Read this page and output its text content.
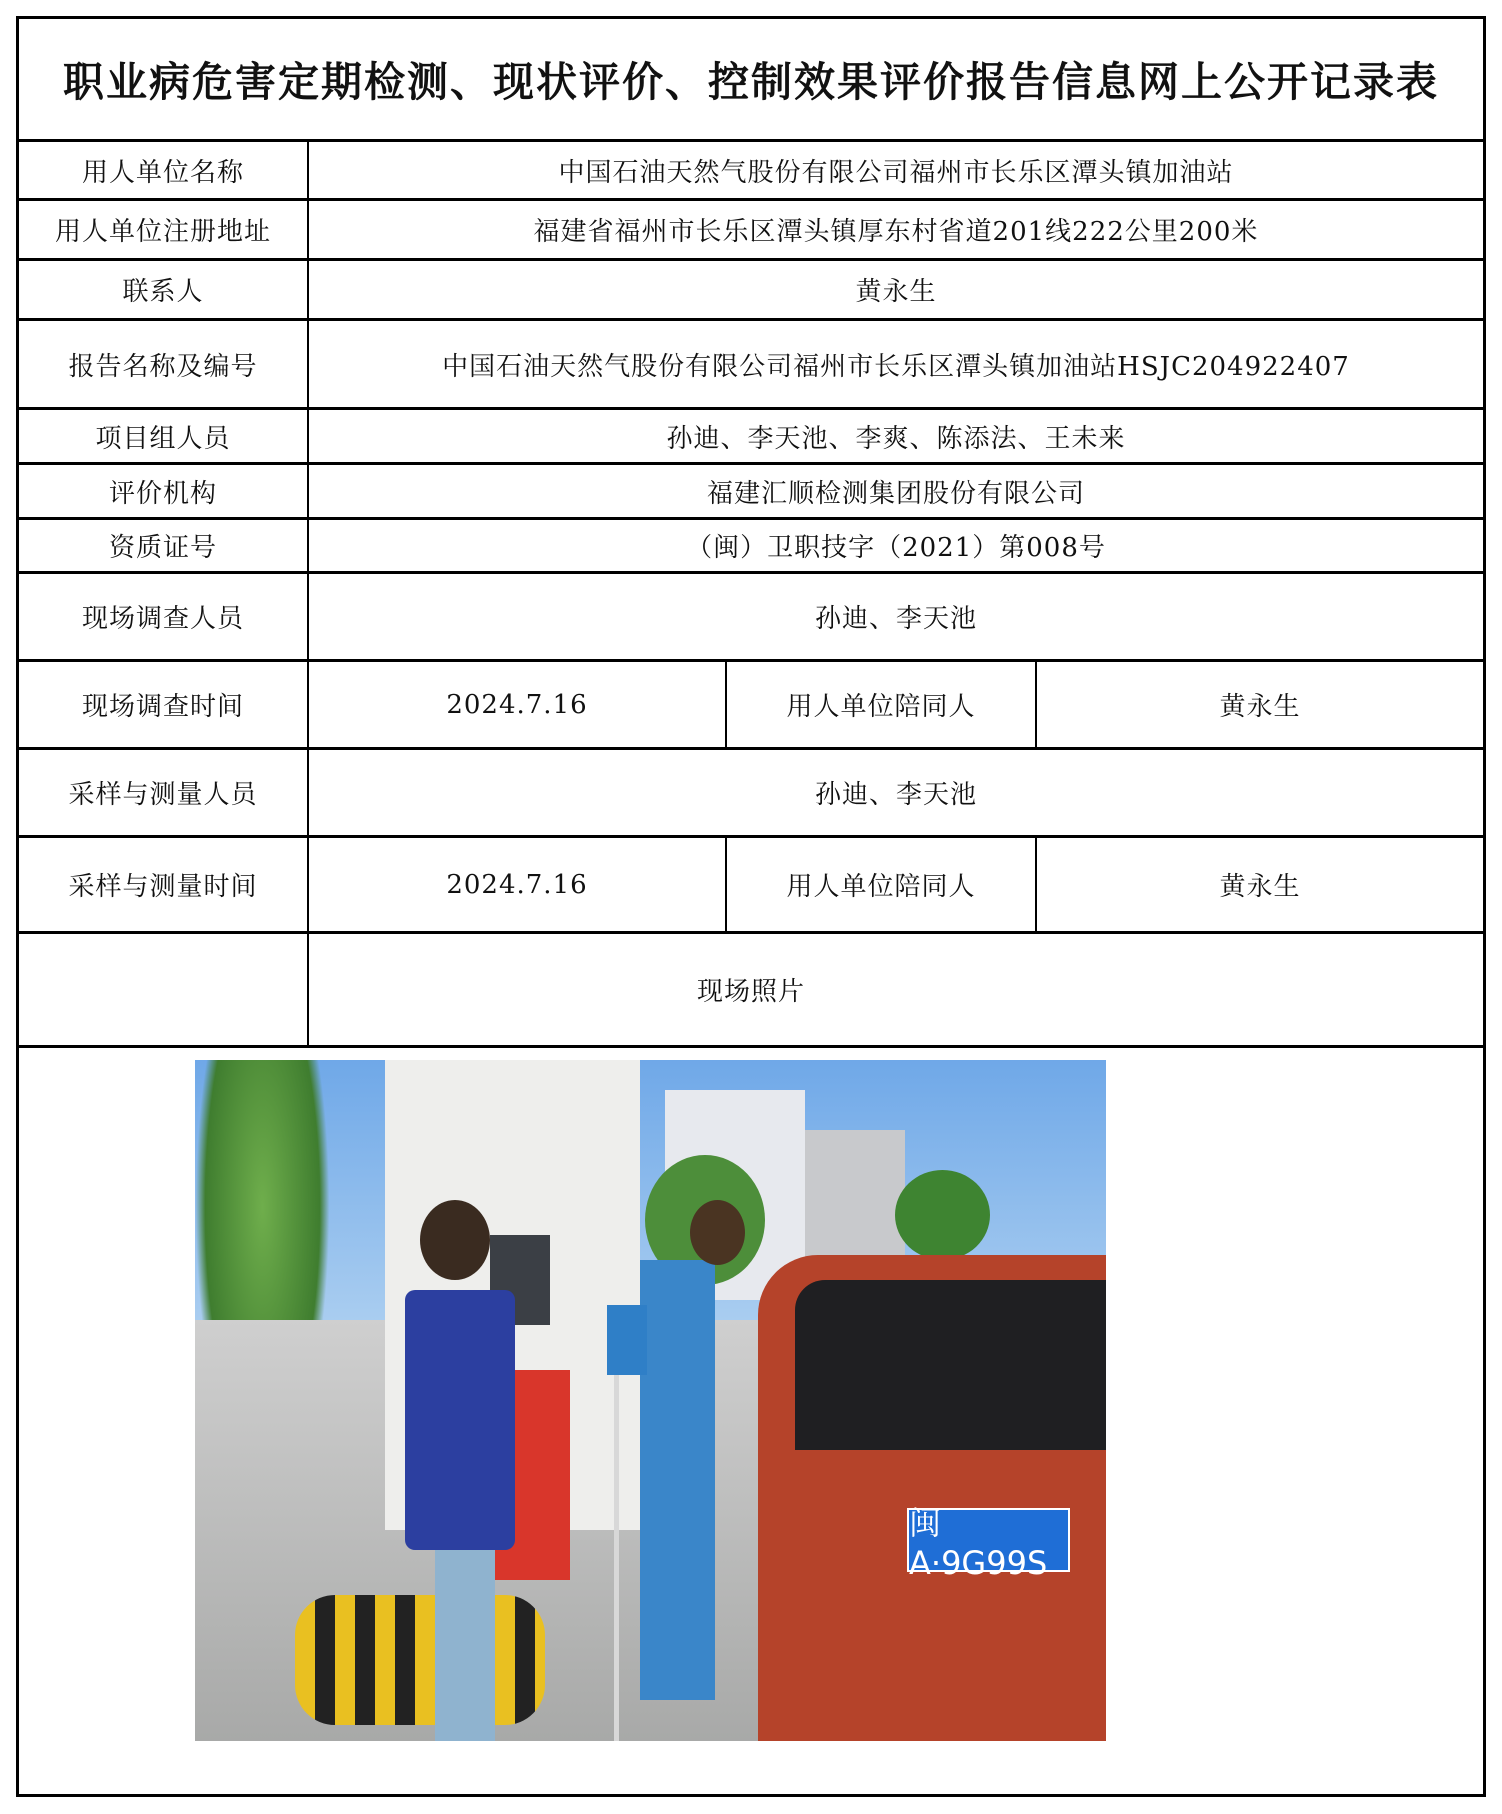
职业病危害定期检测、现状评价、控制效果评价报告信息网上公开记录表
用人单位名称	中国石油天然气股份有限公司福州市长乐区潭头镇加油站
用人单位注册地址	福建省福州市长乐区潭头镇厚东村省道201线222公里200米
联系人	黄永生
报告名称及编号	中国石油天然气股份有限公司福州市长乐区潭头镇加油站HSJC204922407
项目组人员	孙迪、李天池、李爽、陈添法、王未来
评价机构	福建汇顺检测集团股份有限公司
资质证号	（闽）卫职技字（2021）第008号
现场调查人员	孙迪、李天池
现场调查时间	2024.7.16	用人单位陪同人	黄永生
采样与测量人员	孙迪、李天池
采样与测量时间	2024.7.16	用人单位陪同人	黄永生
现场照片
闽A·9G99S
